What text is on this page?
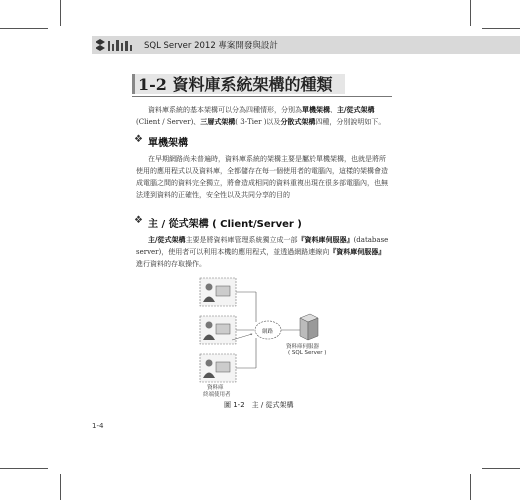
SQL Server 2012 專案開發與設計
1-2 資料庫系統架構的種類
資料庫系統的基本架構可以分為四種情形，分別為單機架構、主/從式架構(Client / Server)、三層式架構( 3-Tier )以及分散式架構四種，分別說明如下。
❖ 單機架構
在早期網路尚未普遍時，資料庫系統的架構主要是屬於單機架構，也就是將所使用的應用程式以及資料庫，全都儲存在每一個使用者的電腦內，這樣的架構會造成電腦之間的資料完全獨立，將會造成相同的資料重複出現在很多部電腦內，也無法達到資料的正確性，安全性以及共同分享的目的
❖ 主 / 從式架構 ( Client/Server )
主/從式架構主要是將資料庫管理系統獨立成一部『資料庫伺服器』(database server)，使用者可以利用本機的應用程式，並透過網路連線向『資料庫伺服器』進行資料的存取操作。
網路
資料庫伺服器
( SQL Server )
資料庫
終端使用者
圖 1-2　主 / 從式架構
1-4
